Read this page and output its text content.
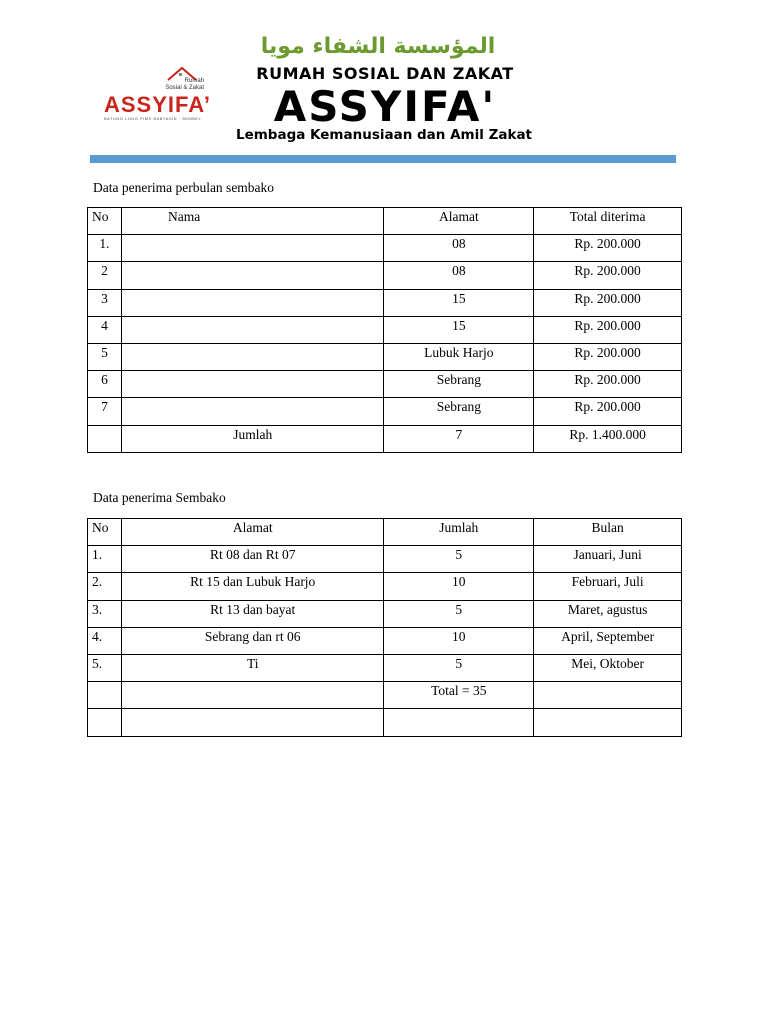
Rumah
Sosial & Zakat
ASSYIFA’
BATUNG LONG PIMS BABYASIN · SEMBEL
المؤسسة الشفاء مويا
RUMAH SOSIAL DAN ZAKAT
ASSYIFA'
Lembaga Kemanusiaan dan Amil Zakat
Data penerima perbulan sembako
No	Nama	Alamat	Total diterima
1.		08	Rp. 200.000
2		08	Rp. 200.000
3		15	Rp. 200.000
4		15	Rp. 200.000
5		Lubuk Harjo	Rp. 200.000
6		Sebrang	Rp. 200.000
7		Sebrang	Rp. 200.000
	Jumlah	7	Rp. 1.400.000
Data penerima Sembako
No	Alamat	Jumlah	Bulan
1.	Rt 08 dan Rt 07	5	Januari, Juni
2.	Rt 15 dan Lubuk Harjo	10	Februari, Juli
3.	Rt 13 dan bayat	5	Maret, agustus
4.	Sebrang dan rt 06	10	April, September
5.	Ti	5	Mei, Oktober
		Total = 35	
